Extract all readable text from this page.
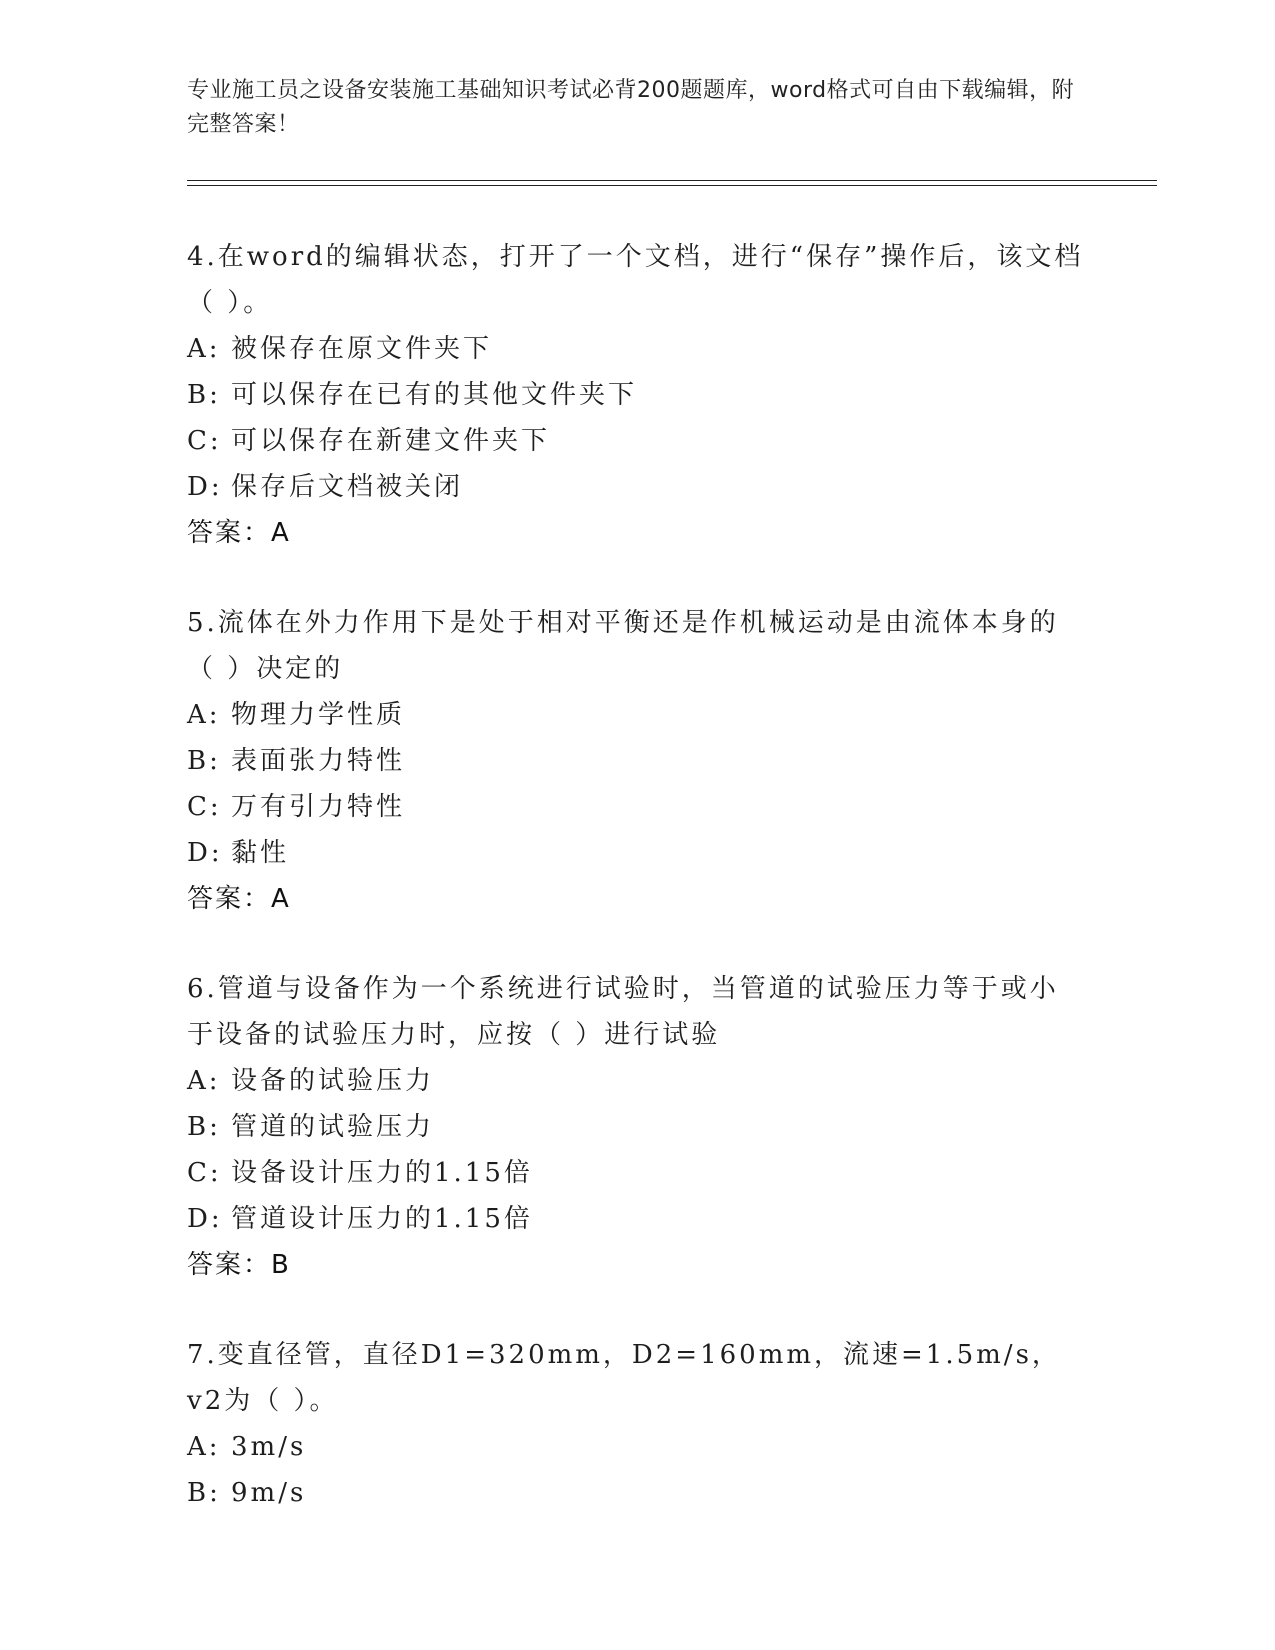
专业施工员之设备安装施工基础知识考试必背200题题库，word格式可自由下载编辑，附完整答案！
4.在word的编辑状态，打开了一个文档，进行“保存”操作后，该文档（ ）。
A: 被保存在原文件夹下
B: 可以保存在已有的其他文件夹下
C: 可以保存在新建文件夹下
D: 保存后文档被关闭
答案：A
5.流体在外力作用下是处于相对平衡还是作机械运动是由流体本身的（ ）决定的
A: 物理力学性质
B: 表面张力特性
C: 万有引力特性
D: 黏性
答案：A
6.管道与设备作为一个系统进行试验时，当管道的试验压力等于或小于设备的试验压力时，应按（ ）进行试验
A: 设备的试验压力
B: 管道的试验压力
C: 设备设计压力的1.15倍
D: 管道设计压力的1.15倍
答案：B
7.变直径管，直径D1=320mm，D2=160mm，流速=1.5m/s，v2为（ ）。
A: 3m/s
B: 9m/s
